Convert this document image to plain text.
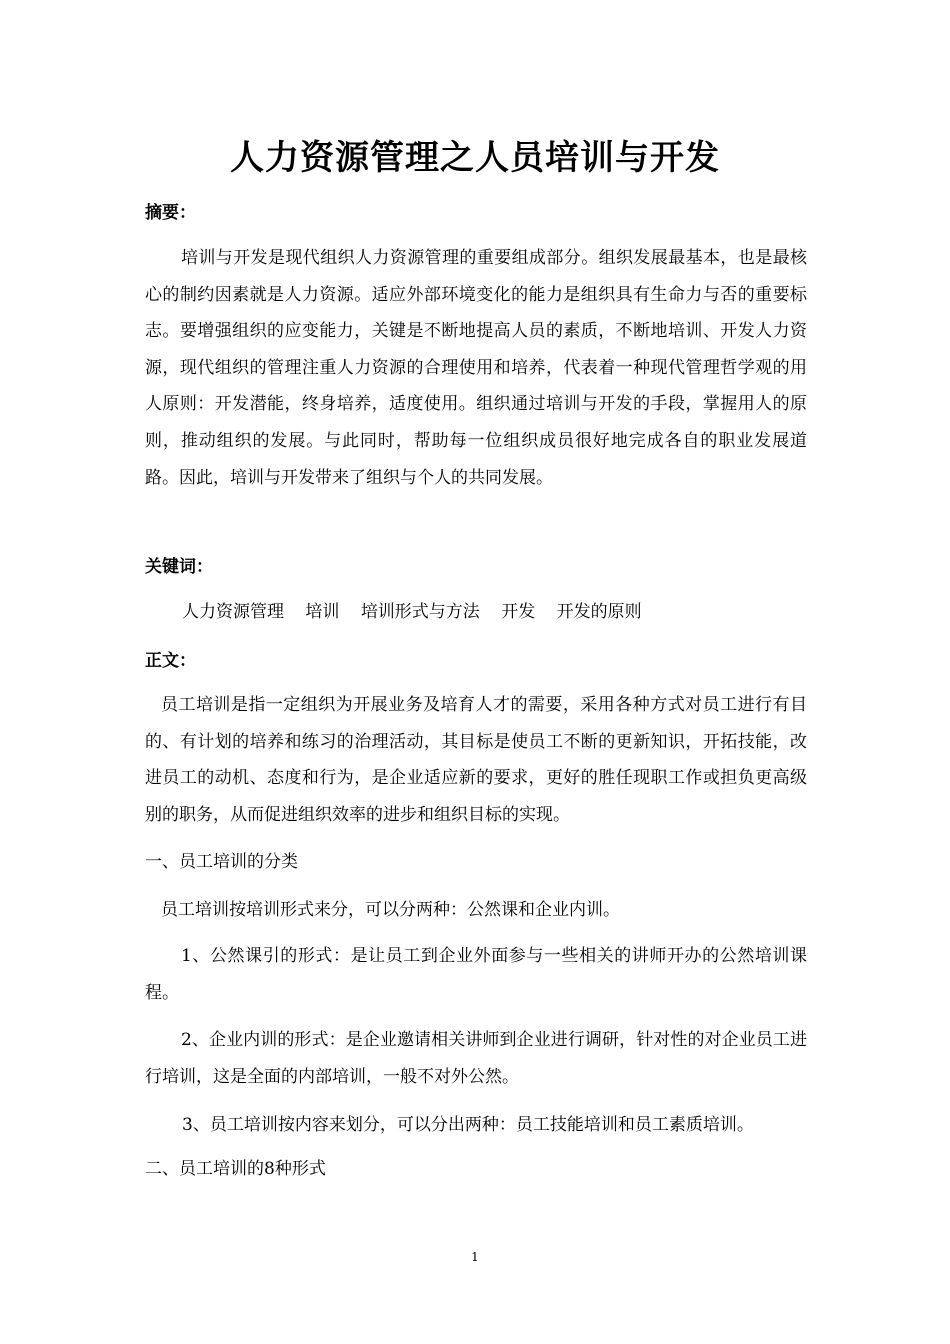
人力资源管理之人员培训与开发
摘要：

培训与开发是现代组织人力资源管理的重要组成部分。组织发展最基本，也是最核心的制约因素就是人力资源。适应外部环境变化的能力是组织具有生命力与否的重要标志。要增强组织的应变能力，关键是不断地提高人员的素质，不断地培训、开发人力资源，现代组织的管理注重人力资源的合理使用和培养，代表着一种现代管理哲学观的用人原则：开发潜能，终身培养，适度使用。组织通过培训与开发的手段，掌握用人的原则，推动组织的发展。与此同时，帮助每一位组织成员很好地完成各自的职业发展道路。因此，培训与开发带来了组织与个人的共同发展。

关键词：
人力资源管理 培训 培训形式与方法 开发 开发的原则
正文：

员工培训是指一定组织为开展业务及培育人才的需要，采用各种方式对员工进行有目的、有计划的培养和练习的治理活动，其目标是使员工不断的更新知识，开拓技能，改进员工的动机、态度和行为，是企业适应新的要求，更好的胜任现职工作或担负更高级别的职务，从而促进组织效率的进步和组织目标的实现。

一、员工培训的分类
员工培训按培训形式来分，可以分两种：公然课和企业内训。

1、公然课引的形式：是让员工到企业外面参与一些相关的讲师开办的公然培训课程。

2、企业内训的形式：是企业邀请相关讲师到企业进行调研，针对性的对企业员工进行培训，这是全面的内部培训，一般不对外公然。

3、员工培训按内容来划分，可以分出两种：员工技能培训和员工素质培训。
二、员工培训的8种形式
1
